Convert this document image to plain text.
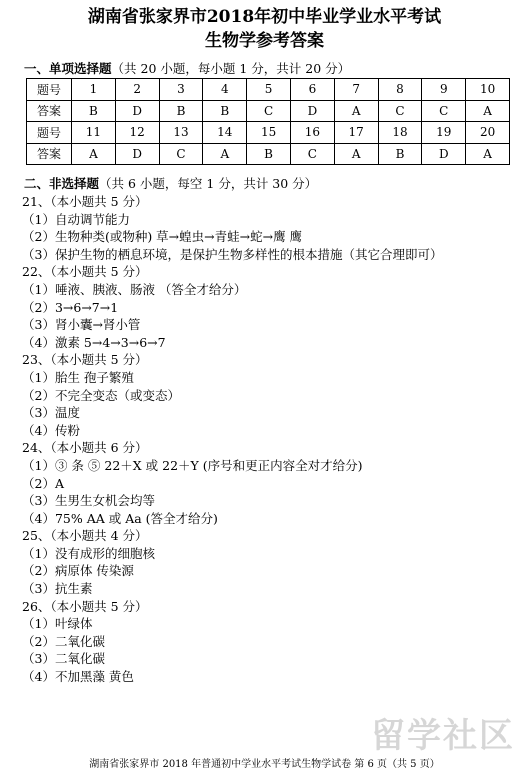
湖南省张家界市2018年初中毕业学业水平考试
生物学参考答案
一、单项选择题（共 20 小题，每小题 1 分，共计 20 分）
题号	1	2	3	4	5	6	7	8	9	10
答案	B	D	B	B	C	D	A	C	C	A
题号	11	12	13	14	15	16	17	18	19	20
答案	A	D	C	A	B	C	A	B	D	A
二、非选择题（共 6 小题，每空 1 分，共计 30 分）
21、（本小题共 5 分）
（1）自动调节能力
（2）生物种类(或物种) 草→蝗虫→青蛙→蛇→鹰 鹰
（3）保护生物的栖息环境，是保护生物多样性的根本措施（其它合理即可）
22、（本小题共 5 分）
（1）唾液、胰液、肠液 （答全才给分）
（2）3→6→7→1
（3）肾小囊→肾小管
（4）激素 5→4→3→6→7
23、（本小题共 5 分）
（1）胎生 孢子繁殖
（2）不完全变态（或变态）
（3）温度
（4）传粉
24、（本小题共 6 分）
（1）③ 条 ⑤ 22＋X 或 22＋Y (序号和更正内容全对才给分)
（2）A
（3）生男生女机会均等
（4）75% AA 或 Aa (答全才给分)
25、（本小题共 4 分）
（1）没有成形的细胞核
（2）病原体 传染源
（3）抗生素
26、（本小题共 5 分）
（1）叶绿体
（2）二氧化碳
（3）二氧化碳
（4）不加黑藻 黄色
留学社区
湖南省张家界市 2018 年普通初中学业水平考试生物学试卷 第 6 页（共 5 页）
